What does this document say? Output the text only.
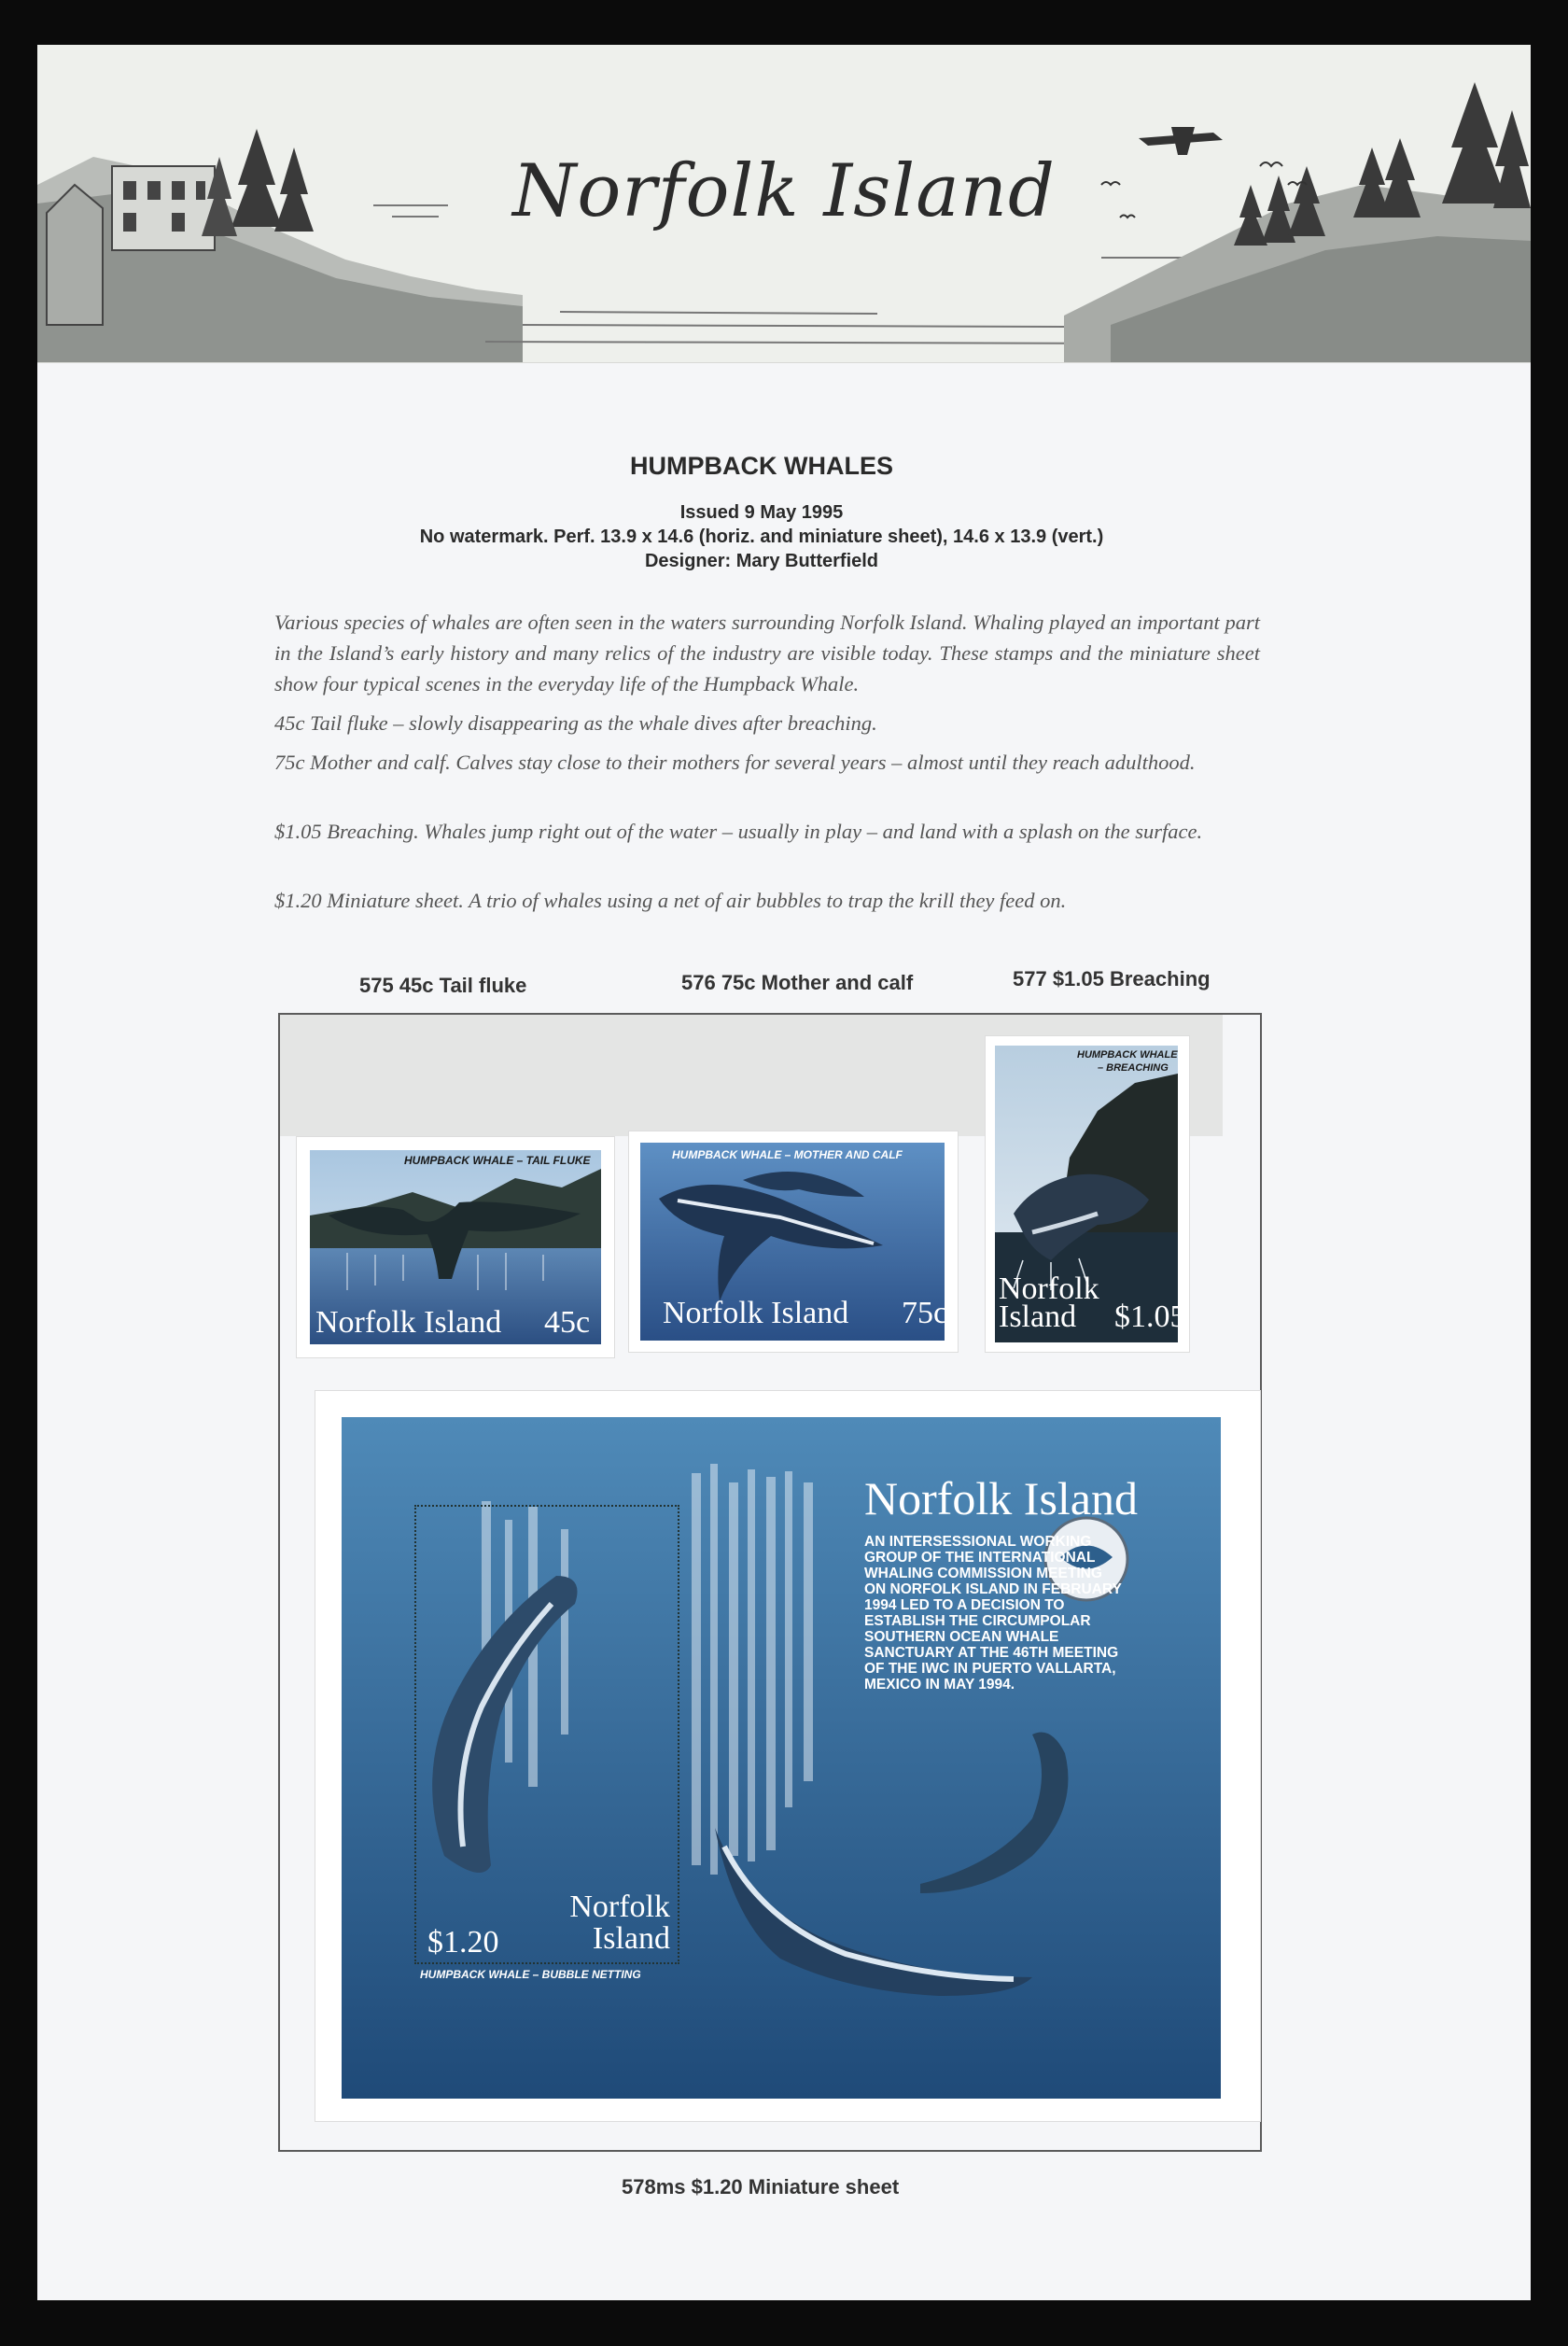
Norfolk Island
HUMPBACK WHALES
Issued 9 May 1995
No watermark. Perf. 13.9 x 14.6 (horiz. and miniature sheet), 14.6 x 13.9 (vert.)
Designer: Mary Butterfield

Various species of whales are often seen in the waters surrounding Norfolk Island. Whaling played an important part in the Island’s early history and many relics of the industry are visible today. These stamps and the miniature sheet show four typical scenes in the everyday life of the Humpback Whale.

45c Tail fluke – slowly disappearing as the whale dives after breaching.

75c Mother and calf. Calves stay close to their mothers for several years – almost until they reach adulthood.

$1.05 Breaching. Whales jump right out of the water – usually in play – and land with a splash on the surface.

$1.20 Miniature sheet. A trio of whales using a net of air bubbles to trap the krill they feed on.

575 45c Tail fluke	576 75c Mother and calf	577 $1.05 Breaching
HUMPBACK WHALE – TAIL FLUKE
Norfolk Island 45c
HUMPBACK WHALE – MOTHER AND CALF
Norfolk Island 75c
HUMPBACK WHALE
– BREACHING
Norfolk
Island $1.05
Norfolk Island
AN INTERSESSIONAL WORKING GROUP OF THE INTERNATIONAL WHALING COMMISSION MEETING ON NORFOLK ISLAND IN FEBRUARY 1994 LED TO A DECISION TO ESTABLISH THE CIRCUMPOLAR SOUTHERN OCEAN WHALE SANCTUARY AT THE 46TH MEETING OF THE IWC IN PUERTO VALLARTA, MEXICO IN MAY 1994.
Norfolk
Island
$1.20
HUMPBACK WHALE – BUBBLE NETTING
578ms $1.20 Miniature sheet
